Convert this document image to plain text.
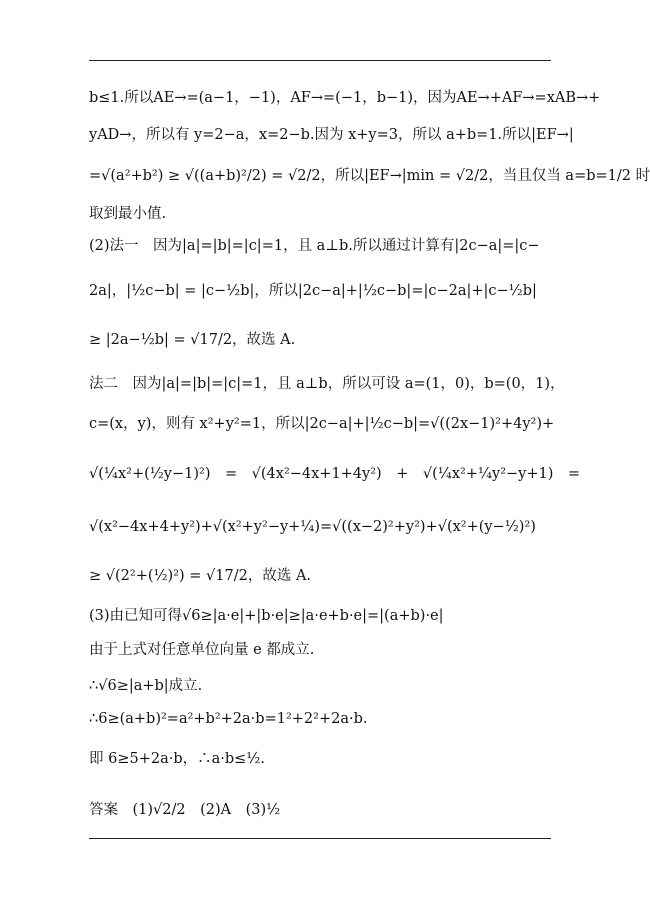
b≤1.所以AE→=(a−1，−1)，AF→=(−1，b−1)，因为AE→+AF→=xAB→+
yAD→，所以有 y=2−a，x=2−b.因为 x+y=3，所以 a+b=1.所以|EF→|
=√(a²+b²) ≥ √((a+b)²/2) = √2/2，所以|EF→|min = √2/2，当且仅当 a=b=1/2 时
取到最小值.
(2)法一　因为|a|=|b|=|c|=1，且 a⊥b.所以通过计算有|2c−a|=|c−
2a|，|½c−b| = |c−½b|，所以|2c−a|+|½c−b|=|c−2a|+|c−½b|
≥ |2a−½b| = √17/2，故选 A.
法二　因为|a|=|b|=|c|=1，且 a⊥b，所以可设 a=(1，0)，b=(0，1)，
c=(x，y)，则有 x²+y²=1，所以|2c−a|+|½c−b|=√((2x−1)²+4y²)+
√(¼x²+(½y−1)²)　=　√(4x²−4x+1+4y²)　+　√(¼x²+¼y²−y+1)　=
√(x²−4x+4+y²)+√(x²+y²−y+¼)=√((x−2)²+y²)+√(x²+(y−½)²)
≥ √(2²+(½)²) = √17/2，故选 A.
(3)由已知可得√6≥|a·e|+|b·e|≥|a·e+b·e|=|(a+b)·e|
由于上式对任意单位向量 e 都成立.
∴√6≥|a+b|成立.
∴6≥(a+b)²=a²+b²+2a·b=1²+2²+2a·b.
即 6≥5+2a·b，∴a·b≤½.
答案　(1)√2/2　(2)A　(3)½
